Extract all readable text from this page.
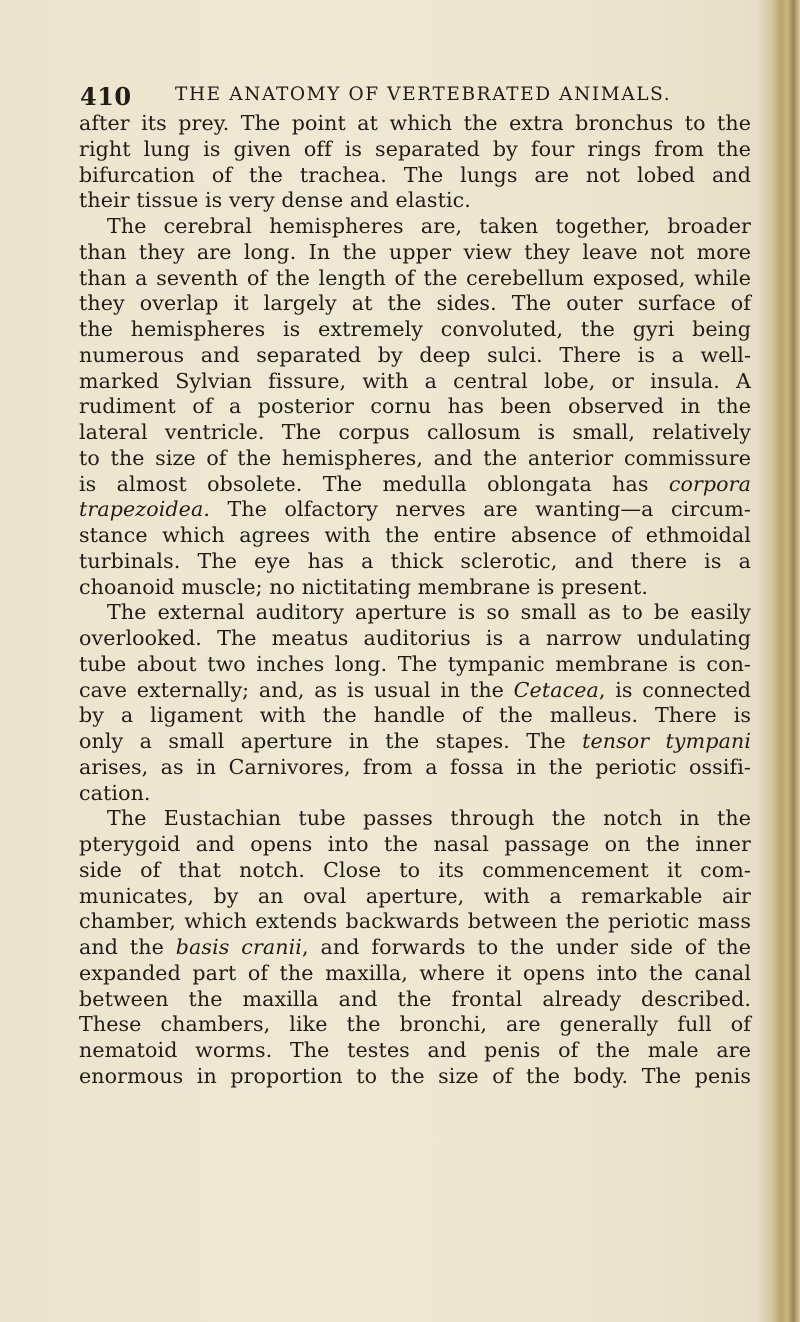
410 THE ANATOMY OF VERTEBRATED ANIMALS.
after its prey. The point at which the extra bronchus to the
right lung is given off is separated by four rings from the
bifurcation of the trachea. The lungs are not lobed and
their tissue is very dense and elastic.
The cerebral hemispheres are, taken together, broader
than they are long. In the upper view they leave not more
than a seventh of the length of the cerebellum exposed, while
they overlap it largely at the sides. The outer surface of
the hemispheres is extremely convoluted, the gyri being
numerous and separated by deep sulci. There is a well-
marked Sylvian fissure, with a central lobe, or insula. A
rudiment of a posterior cornu has been observed in the
lateral ventricle. The corpus callosum is small, relatively
to the size of the hemispheres, and the anterior commissure
is almost obsolete. The medulla oblongata has corpora
trapezoidea. The olfactory nerves are wanting—a circum-
stance which agrees with the entire absence of ethmoidal
turbinals. The eye has a thick sclerotic, and there is a
choanoid muscle; no nictitating membrane is present.
The external auditory aperture is so small as to be easily
overlooked. The meatus auditorius is a narrow undulating
tube about two inches long. The tympanic membrane is con-
cave externally; and, as is usual in the Cetacea, is connected
by a ligament with the handle of the malleus. There is
only a small aperture in the stapes. The tensor tympani
arises, as in Carnivores, from a fossa in the periotic ossifi-
cation.
The Eustachian tube passes through the notch in the
pterygoid and opens into the nasal passage on the inner
side of that notch. Close to its commencement it com-
municates, by an oval aperture, with a remarkable air
chamber, which extends backwards between the periotic mass
and the basis cranii, and forwards to the under side of the
expanded part of the maxilla, where it opens into the canal
between the maxilla and the frontal already described.
These chambers, like the bronchi, are generally full of
nematoid worms. The testes and penis of the male are
enormous in proportion to the size of the body. The penis
